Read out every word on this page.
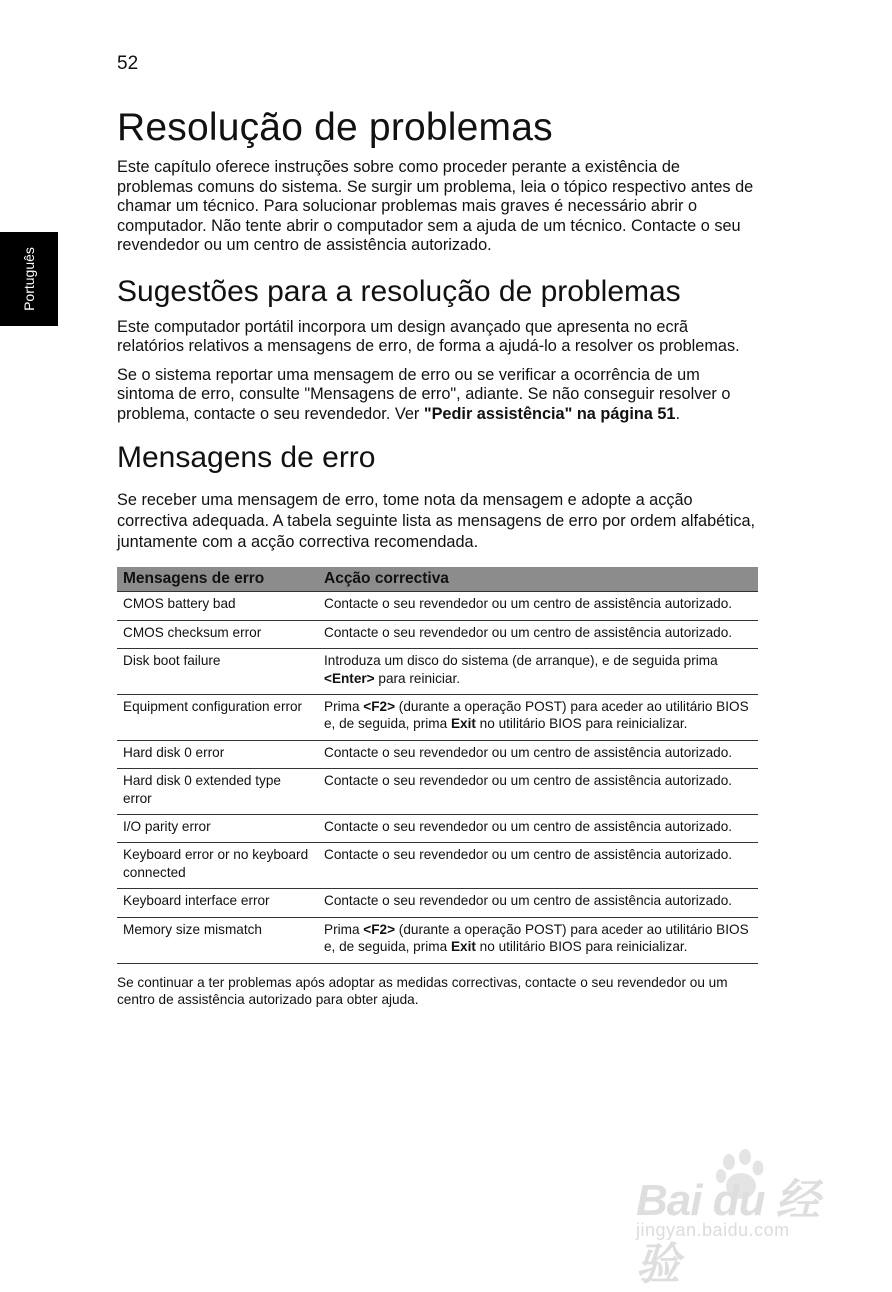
52
Português
Resolução de problemas

Este capítulo oferece instruções sobre como proceder perante a existência de problemas comuns do sistema. Se surgir um problema, leia o tópico respectivo antes de chamar um técnico. Para solucionar problemas mais graves é necessário abrir o computador. Não tente abrir o computador sem a ajuda de um técnico. Contacte o seu revendedor ou um centro de assistência autorizado.

Sugestões para a resolução de problemas

Este computador portátil incorpora um design avançado que apresenta no ecrã relatórios relativos a mensagens de erro, de forma a ajudá-lo a resolver os problemas.

Se o sistema reportar uma mensagem de erro ou se verificar a ocorrência de um sintoma de erro, consulte "Mensagens de erro", adiante. Se não conseguir resolver o problema, contacte o seu revendedor. Ver "Pedir assistência" na página 51.

Mensagens de erro

Se receber uma mensagem de erro, tome nota da mensagem e adopte a acção correctiva adequada. A tabela seguinte lista as mensagens de erro por ordem alfabética, juntamente com a acção correctiva recomendada.

Mensagens de erro	Acção correctiva
CMOS battery bad	Contacte o seu revendedor ou um centro de assistência autorizado.
CMOS checksum error	Contacte o seu revendedor ou um centro de assistência autorizado.
Disk boot failure	Introduza um disco do sistema (de arranque), e de seguida prima <Enter> para reiniciar.
Equipment configuration error	Prima <F2> (durante a operação POST) para aceder ao utilitário BIOS e, de seguida, prima Exit no utilitário BIOS para reinicializar.
Hard disk 0 error	Contacte o seu revendedor ou um centro de assistência autorizado.
Hard disk 0 extended type error	Contacte o seu revendedor ou um centro de assistência autorizado.
I/O parity error	Contacte o seu revendedor ou um centro de assistência autorizado.
Keyboard error or no keyboard connected	Contacte o seu revendedor ou um centro de assistência autorizado.
Keyboard interface error	Contacte o seu revendedor ou um centro de assistência autorizado.
Memory size mismatch	Prima <F2> (durante a operação POST) para aceder ao utilitário BIOS e, de seguida, prima Exit no utilitário BIOS para reinicializar.

Se continuar a ter problemas após adoptar as medidas correctivas, contacte o seu revendedor ou um centro de assistência autorizado para obter ajuda.

Bai du 经验
jingyan.baidu.com
